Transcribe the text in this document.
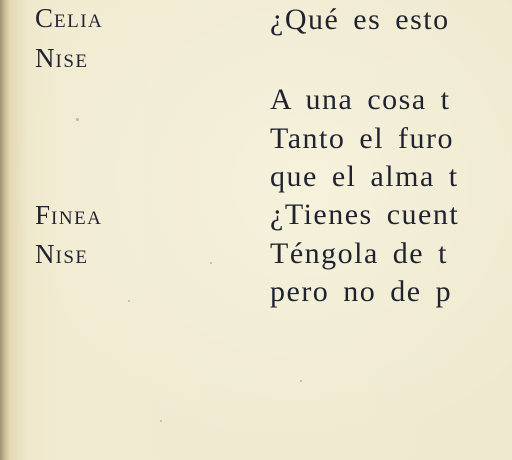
CELIA
NISE
FINEA
NISE
¿Qué es esto
A una cosa t
Tanto el furo
que el alma t
¿Tienes cuent
Téngola de t
pero no de p
